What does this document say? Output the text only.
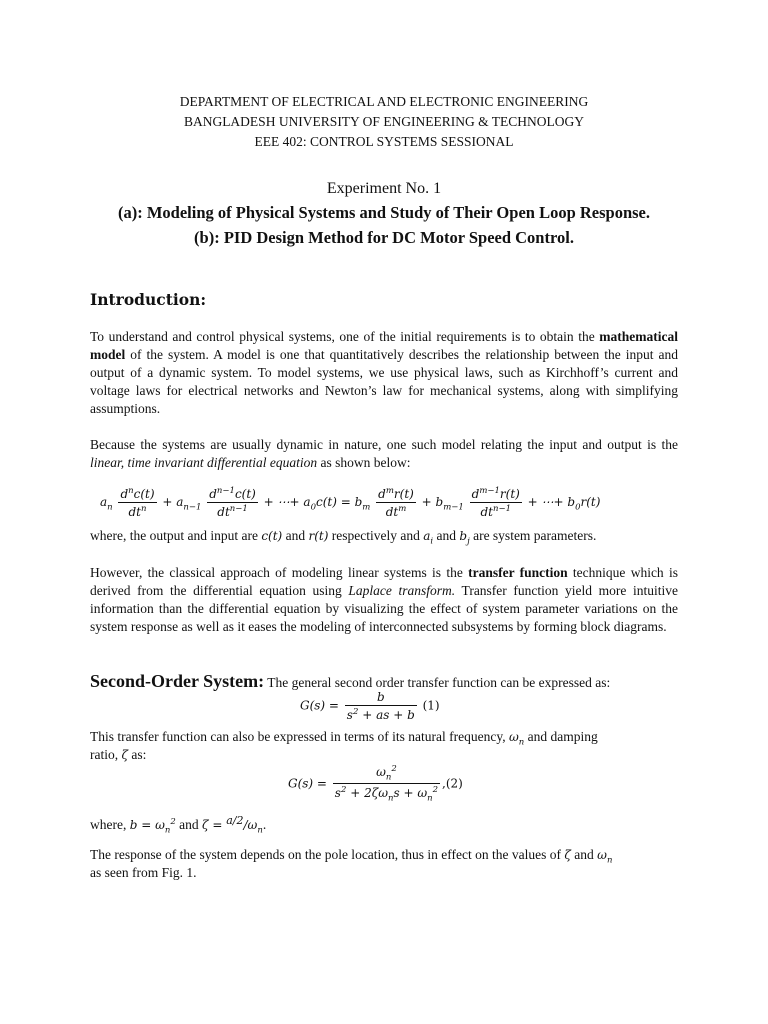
DEPARTMENT OF ELECTRICAL AND ELECTRONIC ENGINEERING
BANGLADESH UNIVERSITY OF ENGINEERING & TECHNOLOGY
EEE 402: CONTROL SYSTEMS SESSIONAL
Experiment No. 1
(a): Modeling of Physical Systems and Study of Their Open Loop Response.
(b): PID Design Method for DC Motor Speed Control.
Introduction:
To understand and control physical systems, one of the initial requirements is to obtain the mathematical model of the system. A model is one that quantitatively describes the relationship between the input and output of a dynamic system. To model systems, we use physical laws, such as Kirchhoff’s current and voltage laws for electrical networks and Newton’s law for mechanical systems, along with simplifying assumptions.
Because the systems are usually dynamic in nature, one such model relating the input and output is the linear, time invariant differential equation as shown below:
$a_n \frac{d^nc(t)}{dt^n} + a_{n-1} \frac{d^{n-1}c(t)}{dt^{n-1}}$ + ⋯+ $a_0c(t) = b_m \frac{d^mr(t)}{dt^m} + b_{m-1} \frac{d^{m-1}r(t)}{dt^{n-1}}$ + ⋯+ $b_0r(t)$
where, the output and input are c(t) and r(t) respectively and $a_i$ and $b_j$ are system parameters.
However, the classical approach of modeling linear systems is the transfer function technique which is derived from the differential equation using Laplace transform. Transfer function yield more intuitive information than the differential equation by visualizing the effect of system parameter variations on the system response as well as it eases the modeling of interconnected subsystems by forming block diagrams.
Second-Order System: The general second order transfer function can be expressed as:
$G(s) = \frac{b}{s^2 + as + b} (1)$
This transfer function can also be expressed in terms of its natural frequency, $\omega_n$ and damping
ratio, ζ as:
$G(s) = \frac{\omega_n^2}{s^2 + 2\zeta\omega_ns + \omega_n^2} ,(2)$
where, $b = \omega_n^2$ and $\zeta = ^{a/2}/\omega_n$.
The response of the system depends on the pole location, thus in effect on the values of ζ and $\omega_n$
as seen from Fig. 1.
